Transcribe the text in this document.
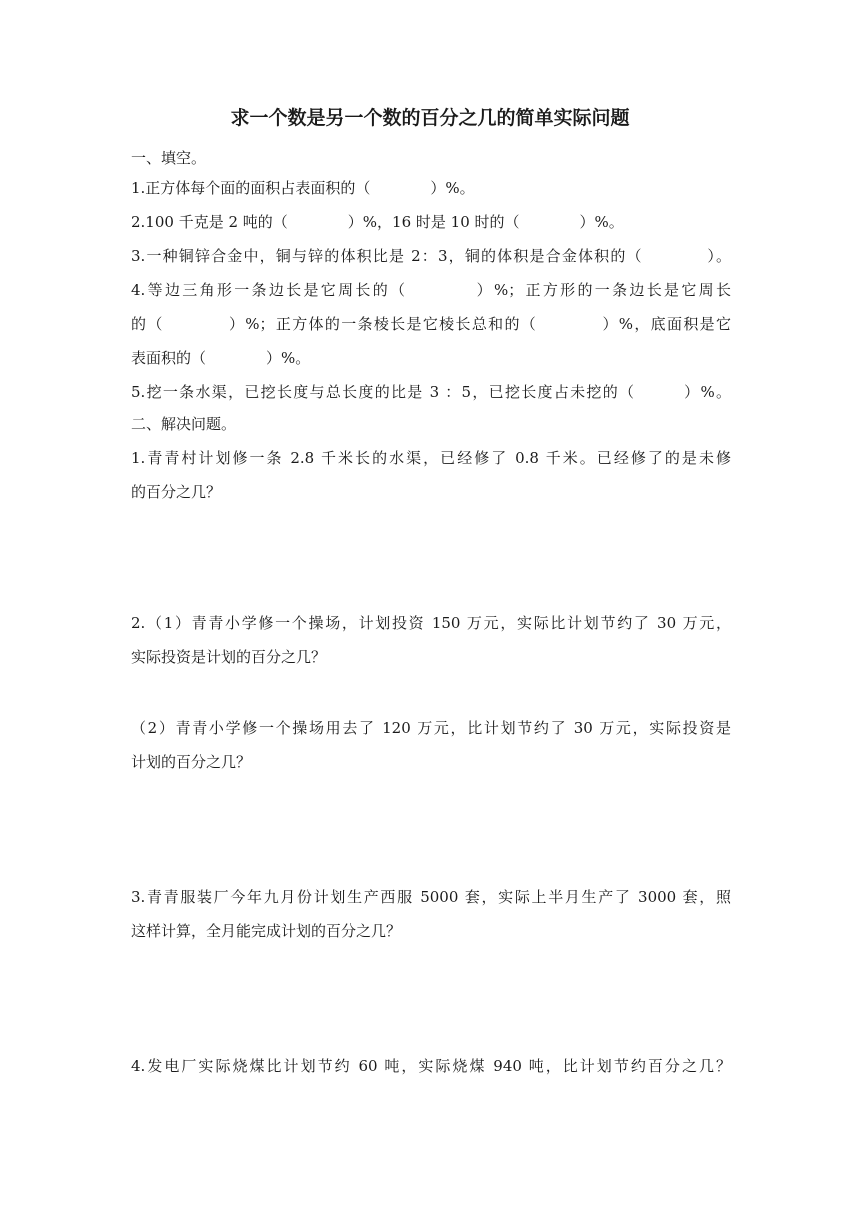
求一个数是另一个数的百分之几的简单实际问题
一、填空。
1.正方体每个面的面积占表面积的（　　　　）%。
2.100 千克是 2 吨的（　　　　）%，16 时是 10 时的（　　　　）%。
3.一种铜锌合金中，铜与锌的体积比是 2：3，铜的体积是合金体积的（　　　　）。
4.等边三角形一条边长是它周长的（　　　　）%；正方形的一条边长是它周长
的（　　　　）%；正方体的一条棱长是它棱长总和的（　　　　）%，底面积是它
表面积的（　　　　）%。
5.挖一条水渠，已挖长度与总长度的比是 3 ：5，已挖长度占未挖的（　　　）%。
二、解决问题。
1.青青村计划修一条 2.8 千米长的水渠，已经修了 0.8 千米。已经修了的是未修
的百分之几？
2.（1）青青小学修一个操场，计划投资 150 万元，实际比计划节约了 30 万元，
实际投资是计划的百分之几？
（2）青青小学修一个操场用去了 120 万元，比计划节约了 30 万元，实际投资是
计划的百分之几？
3.青青服装厂今年九月份计划生产西服 5000 套，实际上半月生产了 3000 套，照
这样计算，全月能完成计划的百分之几？
4.发电厂实际烧煤比计划节约 60 吨，实际烧煤 940 吨，比计划节约百分之几？
